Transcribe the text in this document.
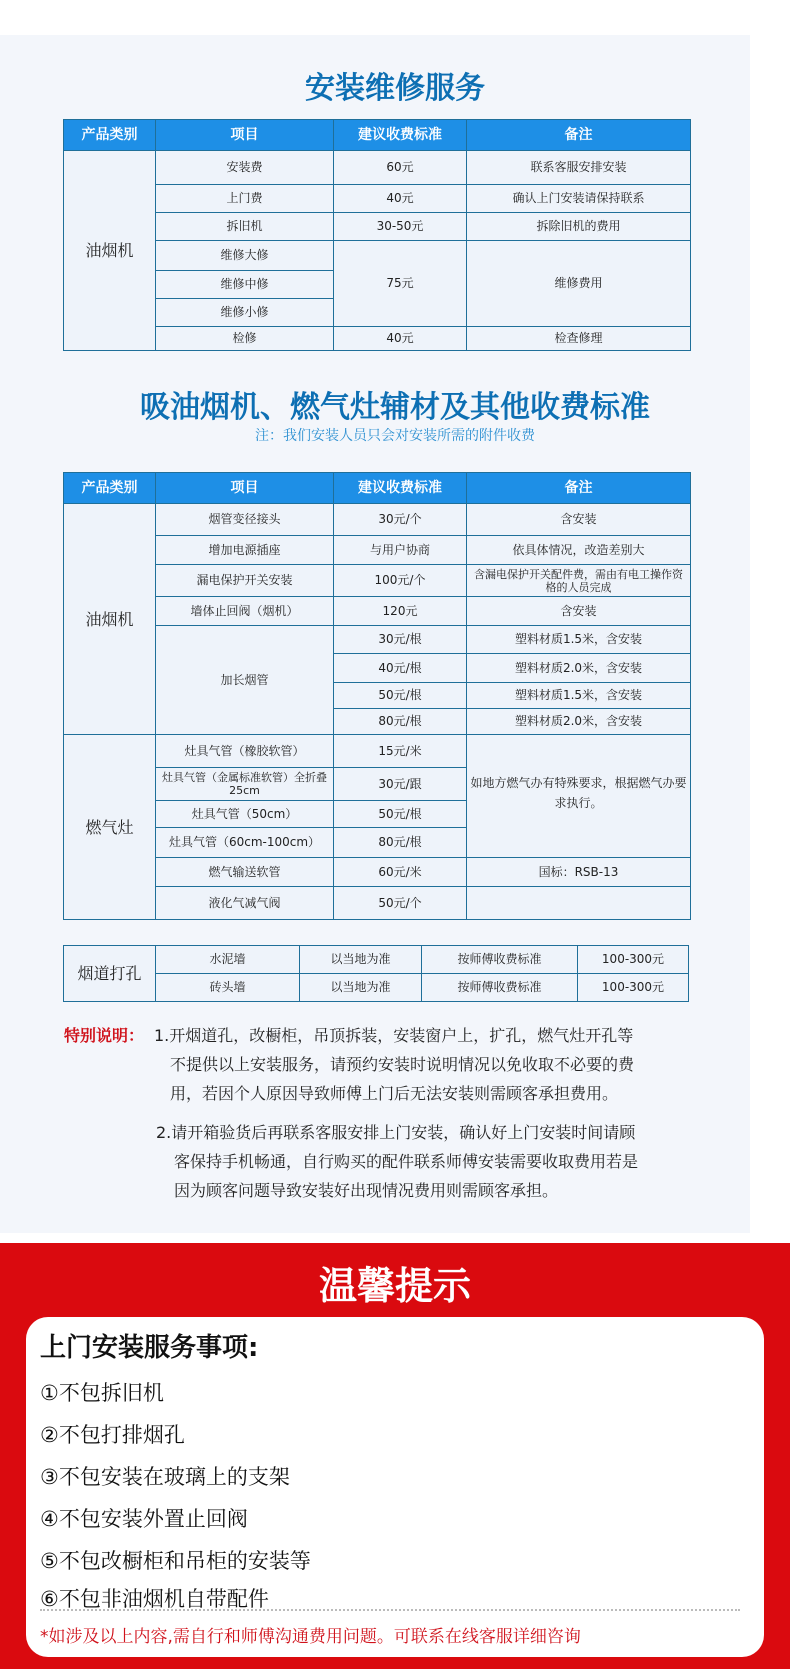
安装维修服务
产品类别	项目	建议收费标准	备注
油烟机	安装费	60元	联系客服安排安装
	上门费	40元	确认上门安装请保持联系
	拆旧机	30-50元	拆除旧机的费用
	维修大修	75元	维修费用
	维修中修		
	维修小修		
	检修	40元	检查修理
吸油烟机、燃气灶辅材及其他收费标准
注：我们安装人员只会对安装所需的附件收费
产品类别	项目	建议收费标准	备注
油烟机	烟管变径接头	30元/个	含安装
	增加电源插座	与用户协商	依具体情况，改造差别大
	漏电保护开关安装	100元/个	含漏电保护开关配件费，需由有电工操作资格的人员完成
	墙体止回阀（烟机）	120元	含安装
	加长烟管	30元/根	塑料材质1.5米，含安装
		40元/根	塑料材质2.0米，含安装
		50元/根	塑料材质1.5米，含安装
		80元/根	塑料材质2.0米，含安装
燃气灶	灶具气管（橡胶软管）	15元/米	如地方燃气办有特殊要求，根据燃气办要求执行。
	灶具气管（金属标准软管）全折叠25cm	30元/跟	
	灶具气管（50cm）	50元/根	
	灶具气管（60cm-100cm）	80元/根	
	燃气输送软管	60元/米	国标：RSB-13
	液化气减气阀	50元/个	
烟道打孔	水泥墙	以当地为准	按师傅收费标准	100-300元
	砖头墙	以当地为准	按师傅收费标准	100-300元
特别说明： 1.开烟道孔，改橱柜，吊顶拆装，安装窗户上，扩孔，燃气灶开孔等
不提供以上安装服务，请预约安装时说明情况以免收取不必要的费
用，若因个人原因导致师傅上门后无法安装则需顾客承担费用。
2.请开箱验货后再联系客服安排上门安装，确认好上门安装时间请顾
客保持手机畅通，自行购买的配件联系师傅安装需要收取费用若是
因为顾客问题导致安装好出现情况费用则需顾客承担。
温馨提示
上门安装服务事项:
①不包拆旧机
②不包打排烟孔
③不包安装在玻璃上的支架
④不包安装外置止回阀
⑤不包改橱柜和吊柜的安装等
⑥不包非油烟机自带配件
*如涉及以上内容,需自行和师傅沟通费用问题。可联系在线客服详细咨询
